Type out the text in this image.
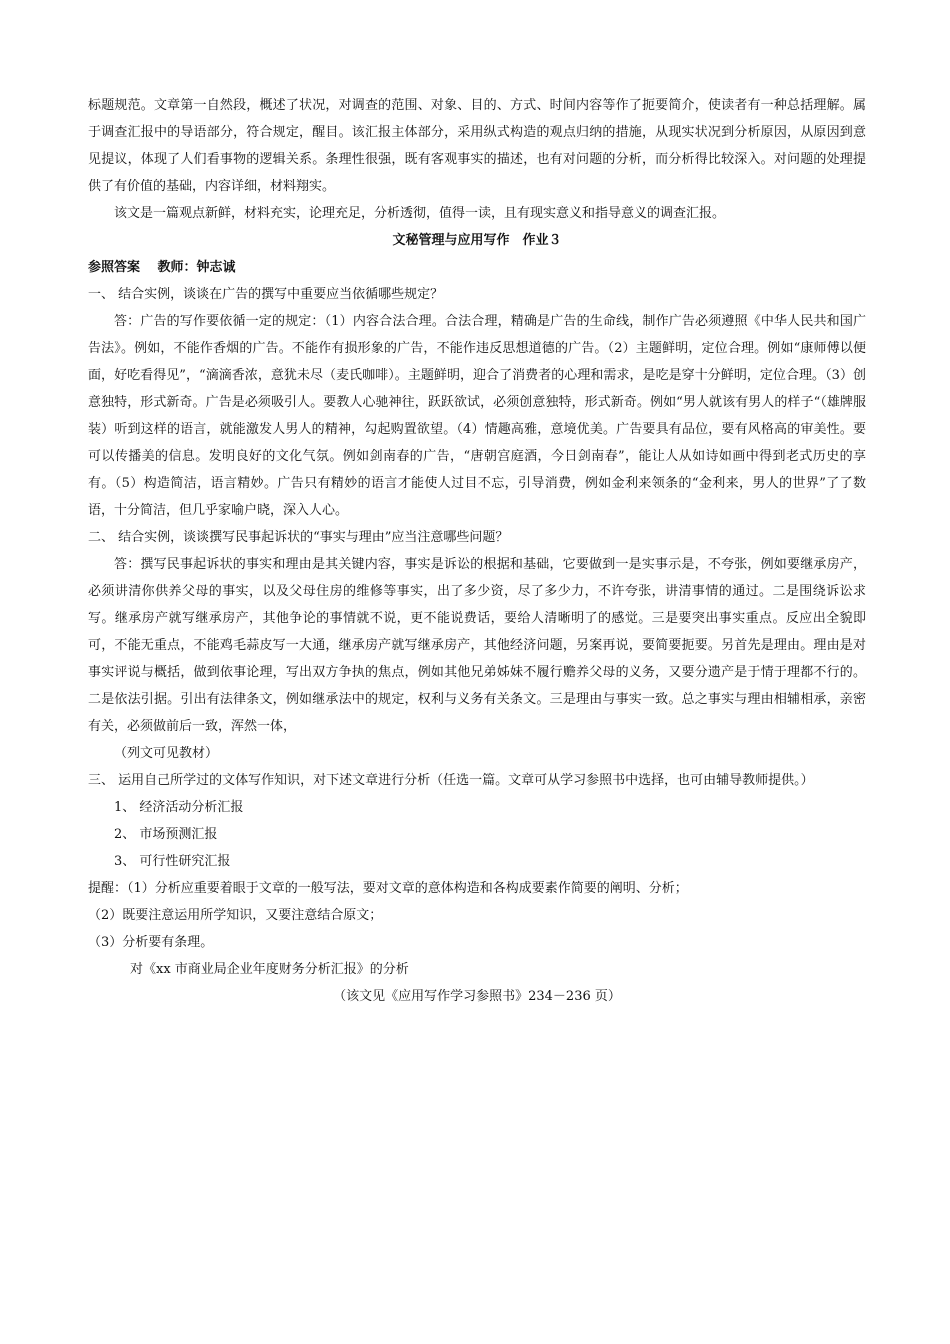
标题规范。文章第一自然段，概述了状况，对调查的范围、对象、目的、方式、时间内容等作了扼要简介，使读者有一种总括理解。属于调查汇报中的导语部分，符合规定，醒目。该汇报主体部分，采用纵式构造的观点归纳的措施，从现实状况到分析原因，从原因到意见提议，体现了人们看事物的逻辑关系。条理性很强，既有客观事实的描述，也有对问题的分析，而分析得比较深入。对问题的处理提供了有价值的基础，内容详细，材料翔实。

该文是一篇观点新鲜，材料充实，论理充足，分析透彻，值得一读，且有现实意义和指导意义的调查汇报。

文秘管理与应用写作　作业３

参照答案　 教师：钟志诚

一、 结合实例，谈谈在广告的撰写中重要应当依循哪些规定？

答：广告的写作要依循一定的规定：（1）内容合法合理。合法合理，精确是广告的生命线，制作广告必须遵照《中华人民共和国广告法》。例如，不能作香烟的广告。不能作有损形象的广告，不能作违反思想道德的广告。（2）主题鲜明，定位合理。例如“康师傅以便面，好吃看得见”，“滴滴香浓，意犹未尽（麦氏咖啡）。主题鲜明，迎合了消费者的心理和需求，是吃是穿十分鲜明，定位合理。（3）创意独特，形式新奇。广告是必须吸引人。要教人心驰神往，跃跃欲试，必须创意独特，形式新奇。例如“男人就该有男人的样子“（雄牌服装）听到这样的语言，就能激发人男人的精神，勾起购置欲望。（4）情趣高雅，意境优美。广告要具有品位，要有风格高的审美性。要可以传播美的信息。发明良好的文化气氛。例如剑南春的广告，“唐朝宫庭酒，今日剑南春”，能让人从如诗如画中得到老式历史的享有。（5）构造简洁，语言精妙。广告只有精妙的语言才能使人过目不忘，引导消费，例如金利来领条的“金利来，男人的世界”了了数语，十分简洁，但几乎家喻户晓，深入人心。

二、 结合实例，谈谈撰写民事起诉状的“事实与理由”应当注意哪些问题？

答：撰写民事起诉状的事实和理由是其关键内容，事实是诉讼的根据和基础，它要做到一是实事示是，不夸张，例如要继承房产，必须讲清你供养父母的事实，以及父母住房的维修等事实，出了多少资，尽了多少力，不许夸张，讲清事情的通过。二是围绕诉讼求写。继承房产就写继承房产，其他争论的事情就不说，更不能说费话，要给人清晰明了的感觉。三是要突出事实重点。反应出全貌即可，不能无重点，不能鸡毛蒜皮写一大通，继承房产就写继承房产，其他经济问题，另案再说，要简要扼要。另首先是理由。理由是对事实评说与概括，做到依事论理，写出双方争执的焦点，例如其他兄弟姊妹不履行赡养父母的义务，又要分遗产是于情于理都不行的。二是依法引据。引出有法律条文，例如继承法中的规定，权利与义务有关条文。三是理由与事实一致。总之事实与理由相辅相承，亲密有关，必须做前后一致，浑然一体，

（列文可见教材）

三、 运用自己所学过的文体写作知识，对下述文章进行分析（任选一篇。文章可从学习参照书中选择，也可由辅导教师提供。）

1、 经济活动分析汇报

2、 市场预测汇报

3、 可行性研究汇报

提醒：（1）分析应重要着眼于文章的一般写法，要对文章的意体构造和各构成要素作简要的阐明、分析；

（2）既要注意运用所学知识，又要注意结合原文；

（3）分析要有条理。

对《xx 市商业局企业年度财务分析汇报》的分析

（该文见《应用写作学习参照书》234－236 页）
